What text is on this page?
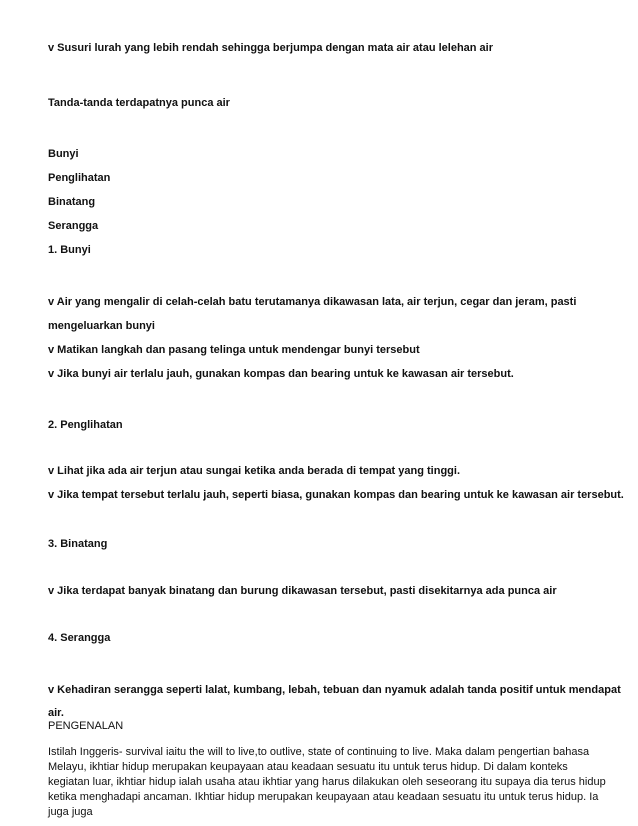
v Susuri lurah yang lebih rendah sehingga berjumpa dengan mata air atau lelehan air
Tanda-tanda terdapatnya punca air
Bunyi
Penglihatan
Binatang
Serangga
1. Bunyi
v Air yang mengalir di celah-celah batu terutamanya dikawasan lata, air terjun, cegar dan jeram, pasti
mengeluarkan bunyi
v Matikan langkah dan pasang telinga untuk mendengar bunyi tersebut
v Jika bunyi air terlalu jauh, gunakan kompas dan bearing untuk ke kawasan air tersebut.
2. Penglihatan
v Lihat jika ada air terjun atau sungai ketika anda berada di tempat yang tinggi.
v Jika tempat tersebut terlalu jauh, seperti biasa, gunakan kompas dan bearing untuk ke kawasan air tersebut.
3. Binatang
v Jika terdapat banyak binatang dan burung dikawasan tersebut, pasti disekitarnya ada punca air
4. Serangga
v Kehadiran serangga seperti lalat, kumbang, lebah, tebuan dan nyamuk adalah tanda positif untuk mendapat
air.

PENGENALAN

Istilah Inggeris- survival iaitu the will to live,to outlive, state of continuing to live. Maka dalam pengertian bahasa Melayu, ikhtiar hidup merupakan keupayaan atau keadaan sesuatu itu untuk terus hidup. Di dalam konteks kegiatan luar, ikhtiar hidup ialah usaha atau ikhtiar yang harus dilakukan oleh seseorang itu supaya dia terus hidup ketika menghadapi ancaman. Ikhtiar hidup merupakan keupayaan atau keadaan sesuatu itu untuk terus hidup. Ia juga juga
